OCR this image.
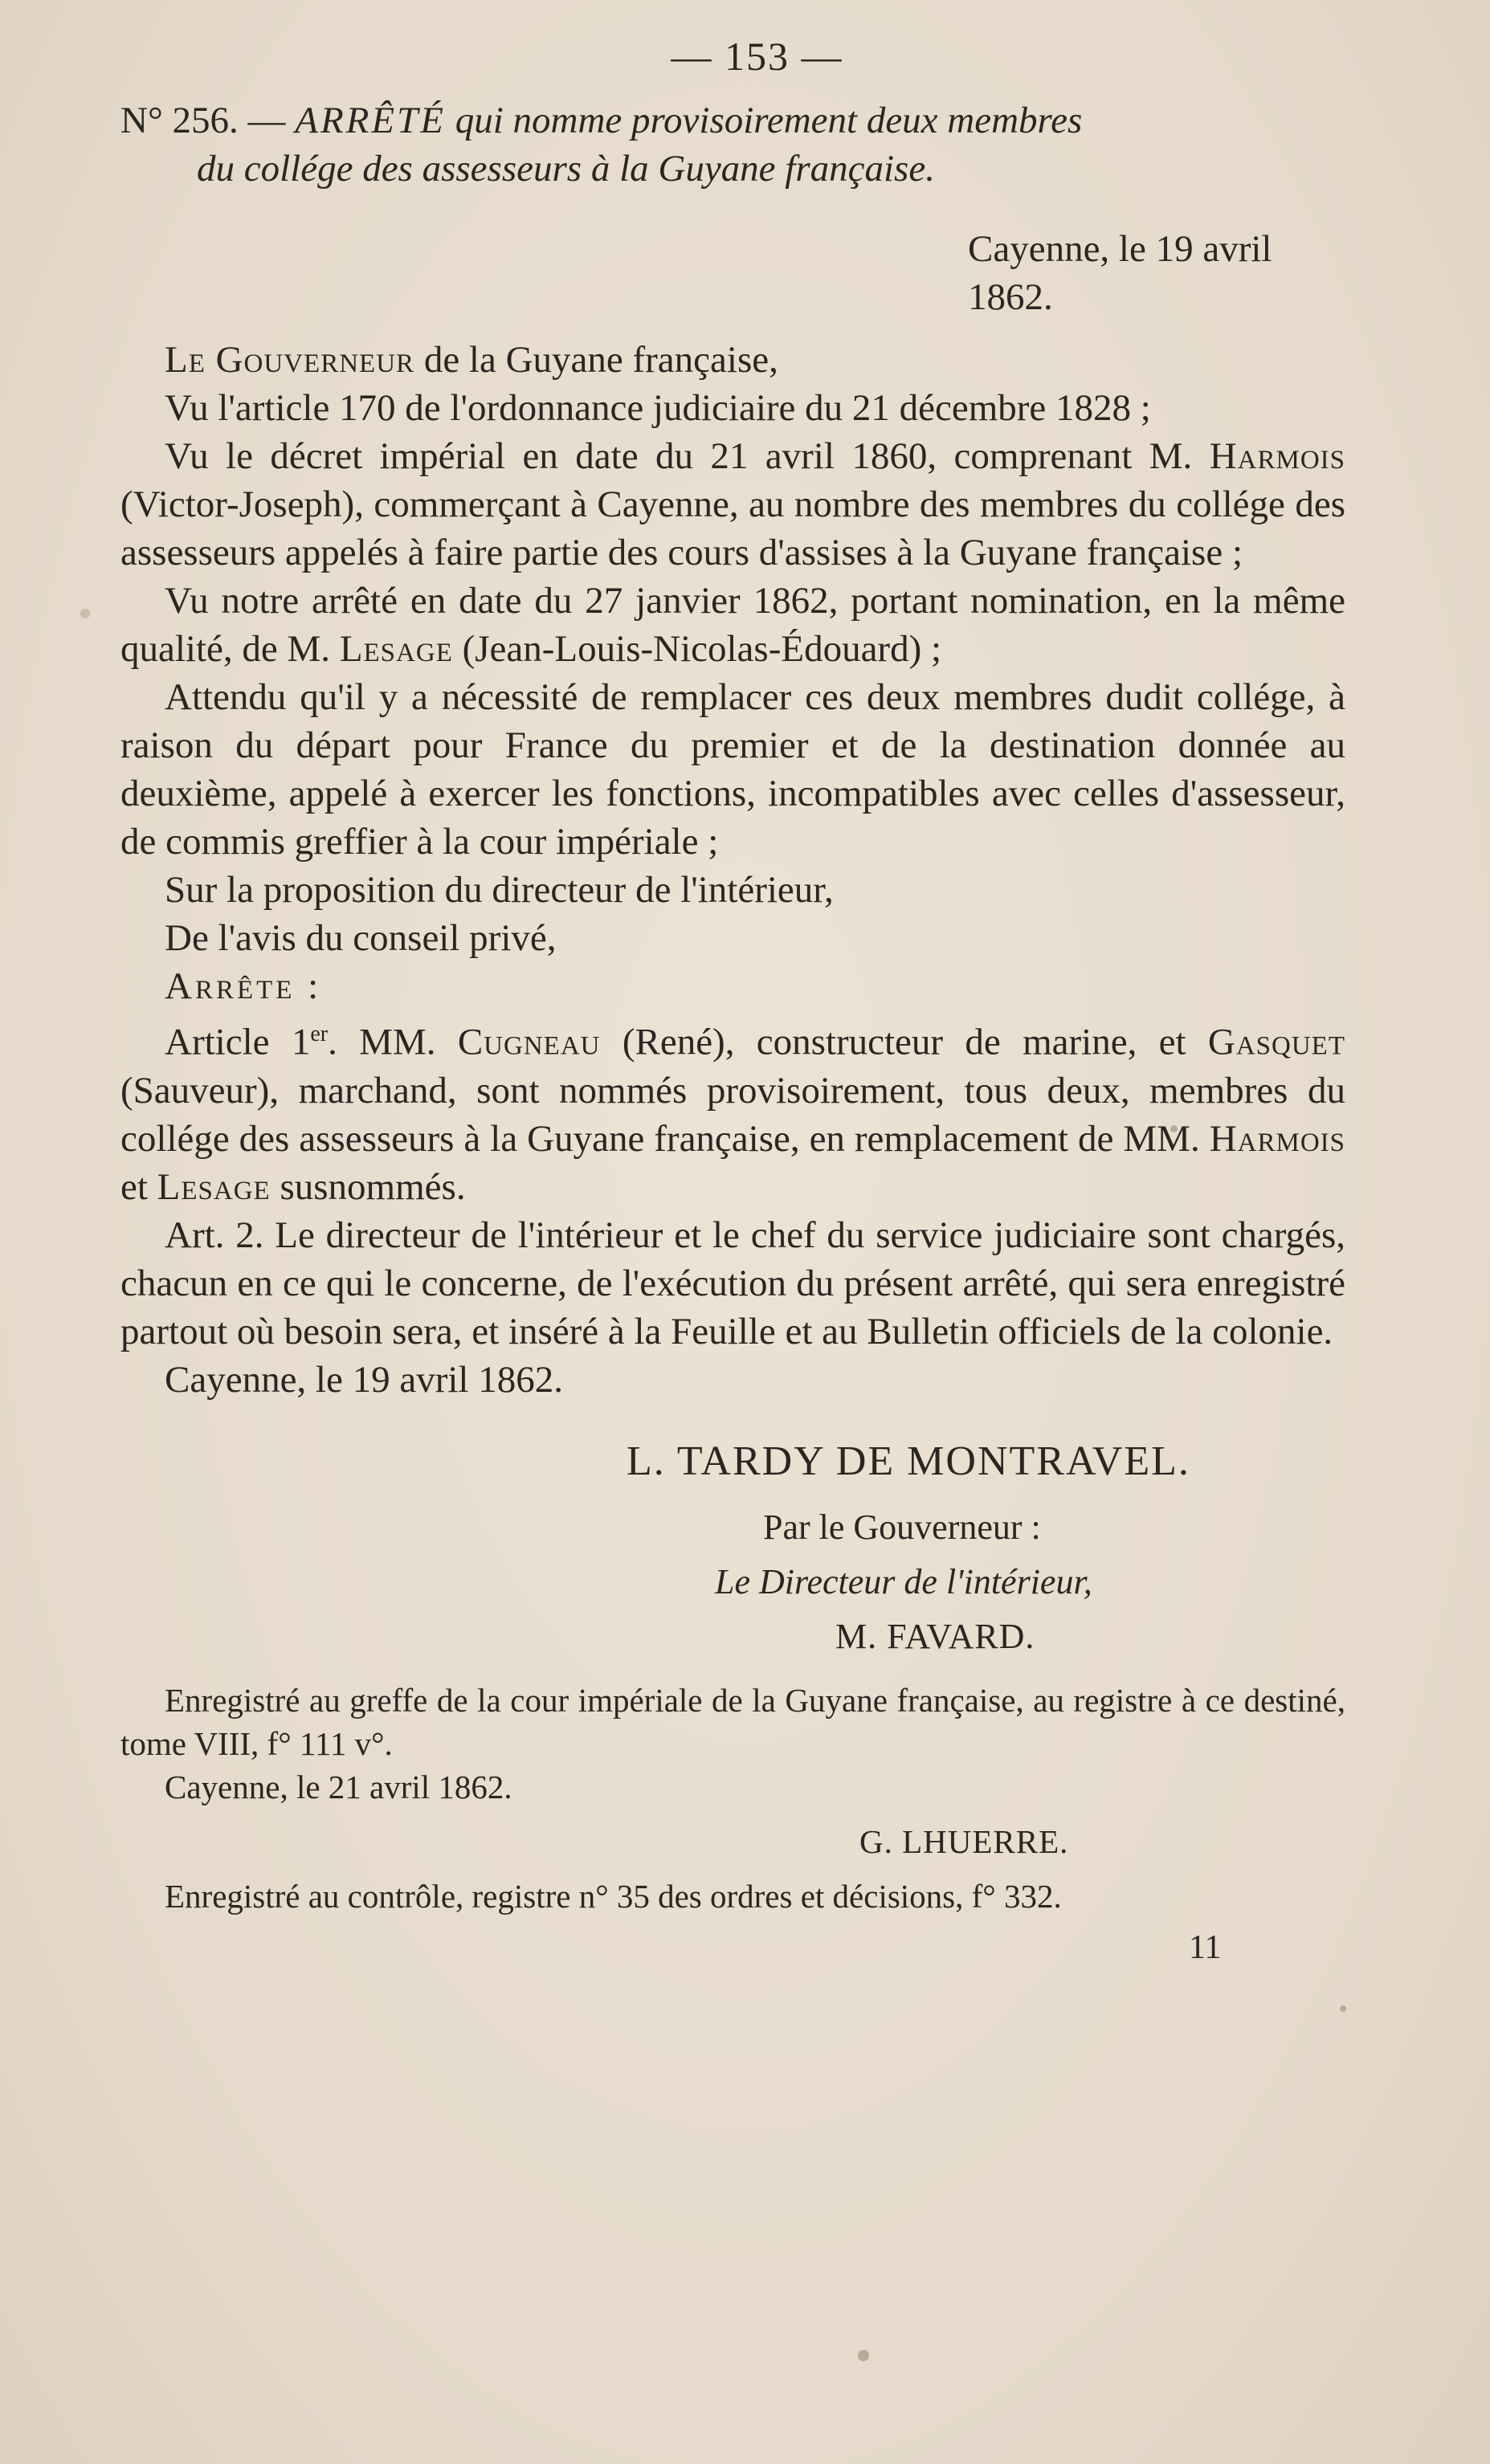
— 153 —
N° 256. — ARRÊTÉ qui nomme provisoirement deux membres
du collége des assesseurs à la Guyane française.
Cayenne, le 19 avril 1862.

Le Gouverneur de la Guyane française,

Vu l'article 170 de l'ordonnance judiciaire du 21 décembre 1828 ;

Vu le décret impérial en date du 21 avril 1860, comprenant M. Harmois (Victor-Joseph), commerçant à Cayenne, au nombre des membres du collége des assesseurs appelés à faire partie des cours d'assises à la Guyane française ;

Vu notre arrêté en date du 27 janvier 1862, portant nomination, en la même qualité, de M. Lesage (Jean-Louis-Nicolas-Édouard) ;

Attendu qu'il y a nécessité de remplacer ces deux membres dudit collége, à raison du départ pour France du premier et de la destination donnée au deuxième, appelé à exercer les fonctions, incompatibles avec celles d'assesseur, de commis greffier à la cour impériale ;

Sur la proposition du directeur de l'intérieur,

De l'avis du conseil privé,

Arrête :

Article 1er. MM. Cugneau (René), constructeur de marine, et Gasquet (Sauveur), marchand, sont nommés provisoirement, tous deux, membres du collége des assesseurs à la Guyane française, en remplacement de MM. Harmois et Lesage susnommés.

Art. 2. Le directeur de l'intérieur et le chef du service judiciaire sont chargés, chacun en ce qui le concerne, de l'exécution du présent arrêté, qui sera enregistré partout où besoin sera, et inséré à la Feuille et au Bulletin officiels de la colonie.

Cayenne, le 19 avril 1862.

L. TARDY DE MONTRAVEL.
Par le Gouverneur :
Le Directeur de l'intérieur,
M. FAVARD.

Enregistré au greffe de la cour impériale de la Guyane française, au registre à ce destiné, tome VIII, f° 111 v°.

Cayenne, le 21 avril 1862.
G. LHUERRE.

Enregistré au contrôle, registre n° 35 des ordres et décisions, f° 332.

11
